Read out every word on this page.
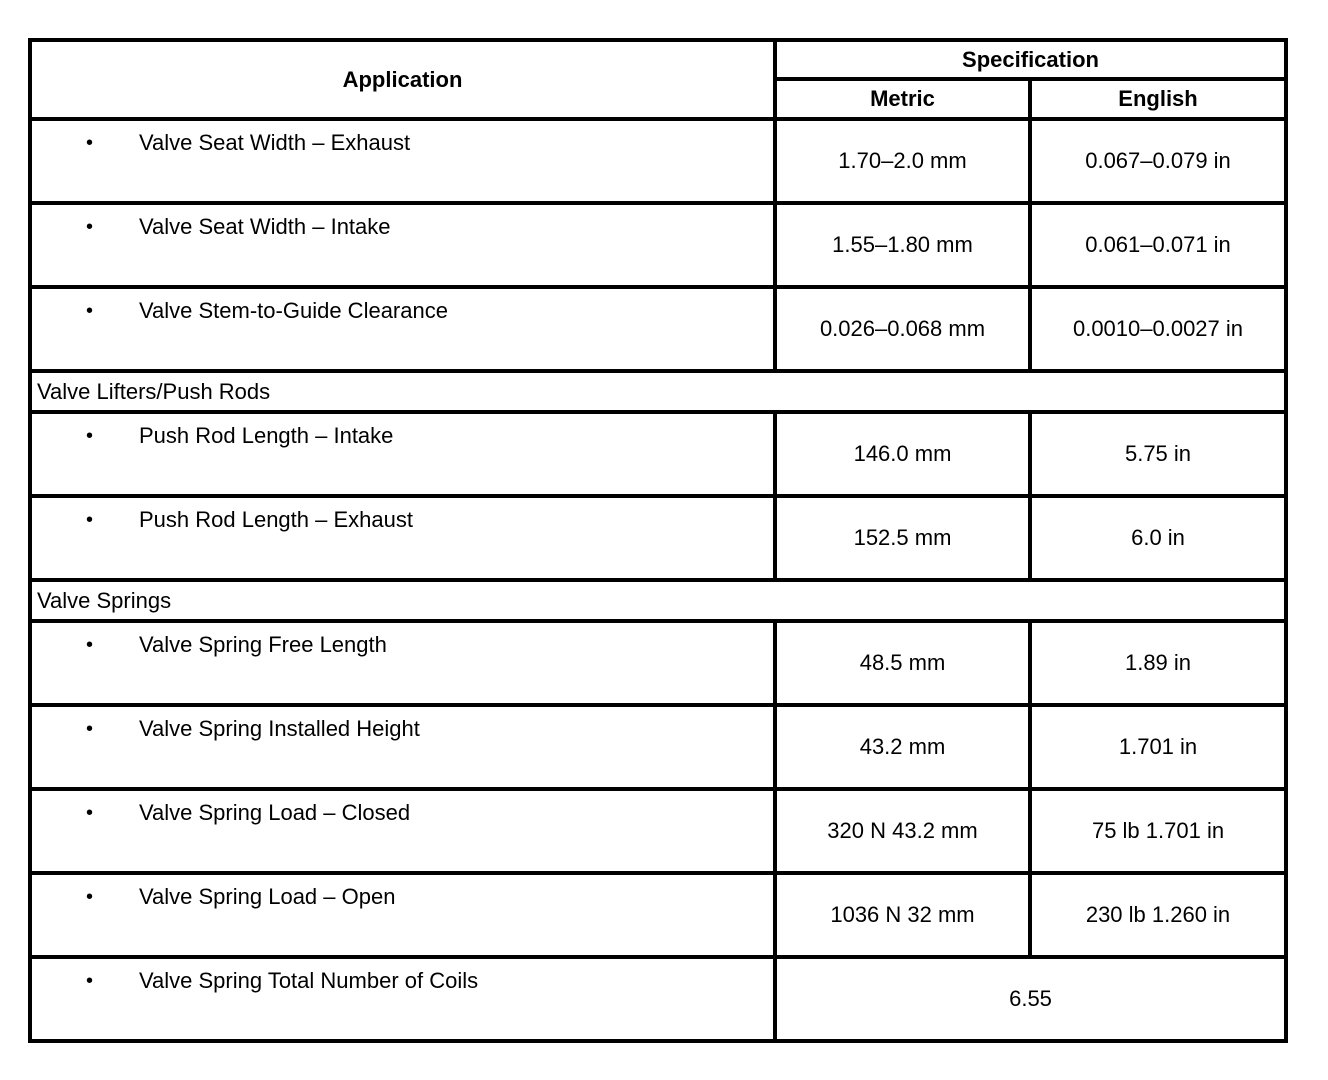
Application	Specification	
	Metric	English

• Valve Seat Width – Exhaust	1.70–2.0 mm	0.067–0.079 in

• Valve Seat Width – Intake	1.55–1.80 mm	0.061–0.071 in

• Valve Stem-to-Guide Clearance	0.026–0.068 mm	0.0010–0.0027 in
Valve Lifters/Push Rods		

• Push Rod Length – Intake	146.0 mm	5.75 in

• Push Rod Length – Exhaust	152.5 mm	6.0 in
Valve Springs		

• Valve Spring Free Length	48.5 mm	1.89 in

• Valve Spring Installed Height	43.2 mm	1.701 in

• Valve Spring Load – Closed	320 N 43.2 mm	75 lb 1.701 in

• Valve Spring Load – Open	1036 N 32 mm	230 lb 1.260 in

• Valve Spring Total Number of Coils	6.55	
